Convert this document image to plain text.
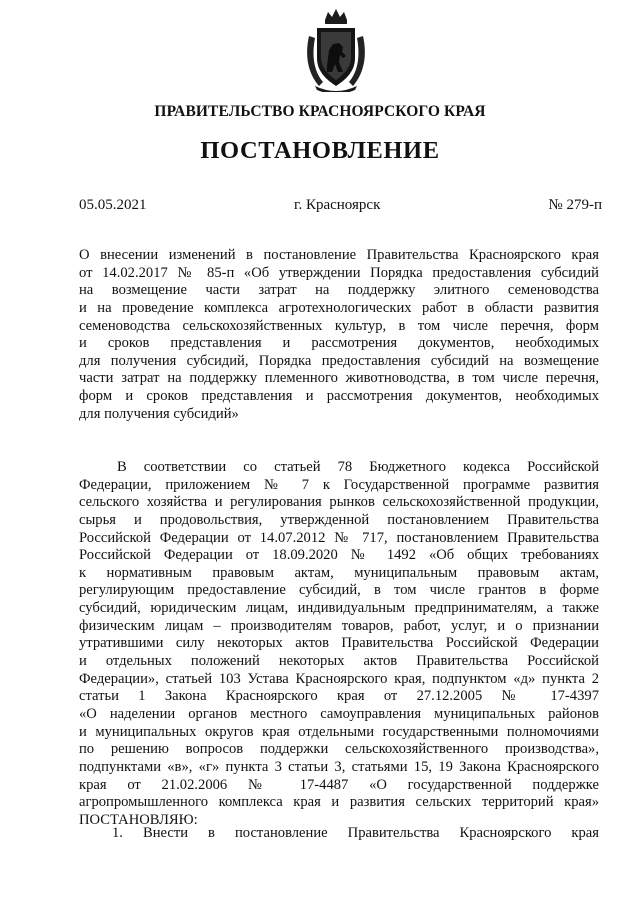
ПРАВИТЕЛЬСТВО КРАСНОЯРСКОГО КРАЯ
ПОСТАНОВЛЕНИЕ
05.05.2021	г. Красноярск	№ 279-п
О внесении изменений в постановление Правительства Красноярского края
от 14.02.2017 № 85-п «Об утверждении Порядка предоставления субсидий
на возмещение части затрат на поддержку элитного семеноводства
и на проведение комплекса агротехнологических работ в области развития
семеноводства сельскохозяйственных культур, в том числе перечня, форм
и сроков представления и рассмотрения документов, необходимых
для получения субсидий, Порядка предоставления субсидий на возмещение
части затрат на поддержку племенного животноводства, в том числе перечня,
форм и сроков представления и рассмотрения документов, необходимых
для получения субсидий»
В соответствии со статьей 78 Бюджетного кодекса Российской
Федерации, приложением № 7 к Государственной программе развития
сельского хозяйства и регулирования рынков сельскохозяйственной продукции,
сырья и продовольствия, утвержденной постановлением Правительства
Российской Федерации от 14.07.2012 № 717, постановлением Правительства
Российской Федерации от 18.09.2020 № 1492 «Об общих требованиях
к нормативным правовым актам, муниципальным правовым актам,
регулирующим предоставление субсидий, в том числе грантов в форме
субсидий, юридическим лицам, индивидуальным предпринимателям, а также
физическим лицам – производителям товаров, работ, услуг, и о признании
утратившими силу некоторых актов Правительства Российской Федерации
и отдельных положений некоторых актов Правительства Российской
Федерации», статьей 103 Устава Красноярского края, подпунктом «д» пункта 2
статьи 1 Закона Красноярского края от 27.12.2005 № 17-4397
«О наделении органов местного самоуправления муниципальных районов
и муниципальных округов края отдельными государственными полномочиями
по решению вопросов поддержки сельскохозяйственного производства»,
подпунктами «в», «г» пункта 3 статьи 3, статьями 15, 19 Закона Красноярского
края от 21.02.2006 № 17-4487 «О государственной поддержке
агропромышленного комплекса края и развития сельских территорий края»
ПОСТАНОВЛЯЮ:
1. Внести в постановление Правительства Красноярского края
